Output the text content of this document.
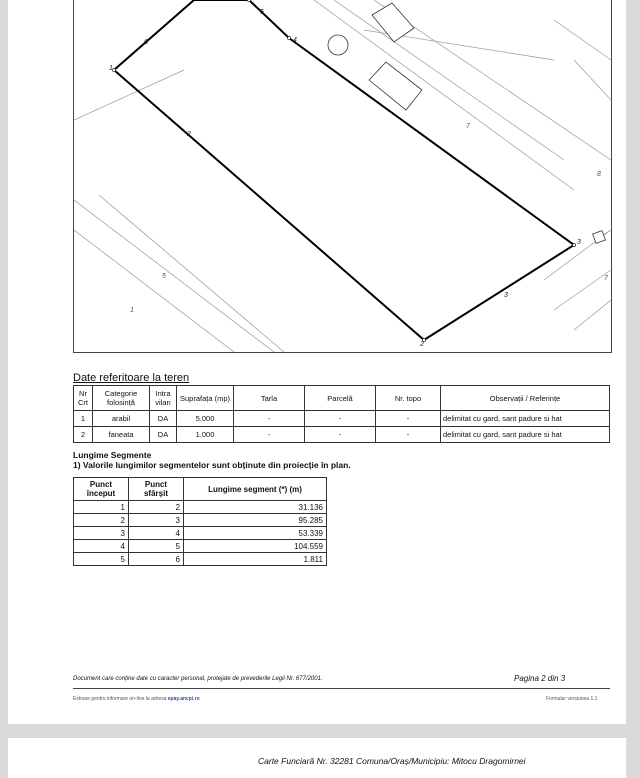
1
2
3
4
5
6
2
3
7
7
5
1
8
Date referitoare la teren
Nr Crt	Categorie folosință	Intra vilan	Suprafața (mp)	Tarla	Parcelă	Nr. topo	Observații / Referințe
1	arabil	DA	5.000	-	-	-	delimitat cu gard, sant padure si hat
2	faneata	DA	1.000	-	-	-	delimitat cu gard, sant padure si hat
Lungime Segmente
1) Valorile lungimilor segmentelor sunt obținute din proiecție în plan.
Punct început	Punct sfârșit	Lungime segment (*) (m)
1	2	31.136
2	3	95.285
3	4	53.339
4	5	104.559
5	6	1.811
Document care conține date cu caracter personal, protejate de prevederile Legii Nr. 677/2001.	Pagina 2 din 3
Extrase pentru informare on-line la adresa epay.ancpi.ro	Formular versiunea 1.1
Carte Funciară Nr. 32281 Comuna/Oraș/Municipiu: Mitocu Dragomirnei
